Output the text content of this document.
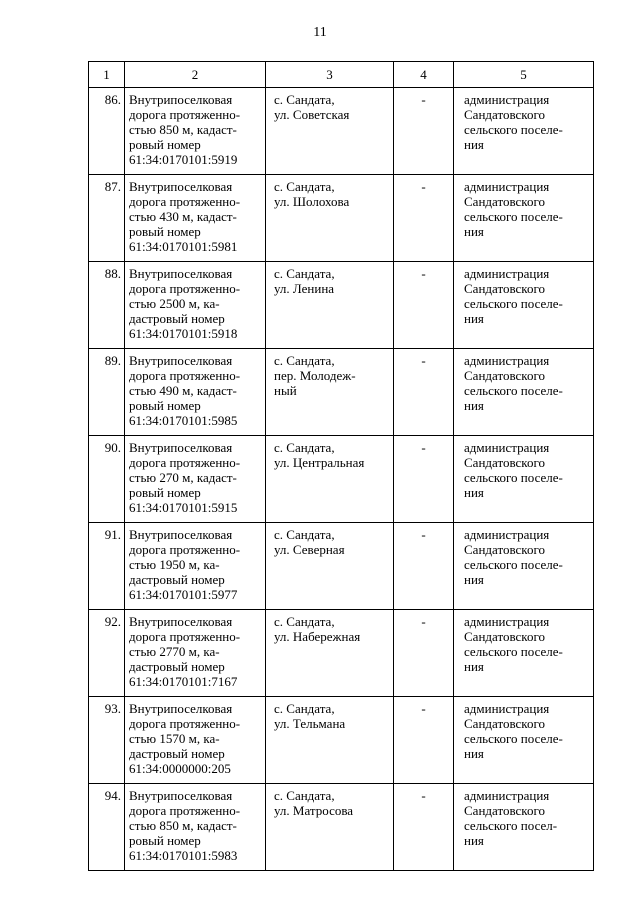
11
1	2	3	4	5
86.	Внутрипоселковая
дорога протяженно-
стью 850 м, кадаст-
ровый номер
61:34:0170101:5919	с. Сандата,
ул. Советская	-	администрация
Сандатовского
сельского поселе-
ния
87.	Внутрипоселковая
дорога протяженно-
стью 430 м, кадаст-
ровый номер
61:34:0170101:5981	с. Сандата,
ул. Шолохова	-	администрация
Сандатовского
сельского поселе-
ния
88.	Внутрипоселковая
дорога протяженно-
стью 2500 м, ка-
дастровый номер
61:34:0170101:5918	с. Сандата,
ул. Ленина	-	администрация
Сандатовского
сельского поселе-
ния
89.	Внутрипоселковая
дорога протяженно-
стью 490 м, кадаст-
ровый номер
61:34:0170101:5985	с. Сандата,
пер. Молодеж-
ный	-	администрация
Сандатовского
сельского поселе-
ния
90.	Внутрипоселковая
дорога протяженно-
стью 270 м, кадаст-
ровый номер
61:34:0170101:5915	с. Сандата,
ул. Центральная	-	администрация
Сандатовского
сельского поселе-
ния
91.	Внутрипоселковая
дорога протяженно-
стью 1950 м, ка-
дастровый номер
61:34:0170101:5977	с. Сандата,
ул. Северная	-	администрация
Сандатовского
сельского поселе-
ния
92.	Внутрипоселковая
дорога протяженно-
стью 2770 м, ка-
дастровый номер
61:34:0170101:7167	с. Сандата,
ул. Набережная	-	администрация
Сандатовского
сельского поселе-
ния
93.	Внутрипоселковая
дорога протяженно-
стью 1570 м, ка-
дастровый номер
61:34:0000000:205	с. Сандата,
ул. Тельмана	-	администрация
Сандатовского
сельского поселе-
ния
94.	Внутрипоселковая
дорога протяженно-
стью 850 м, кадаст-
ровый номер
61:34:0170101:5983	с. Сандата,
ул. Матросова	-	администрация
Сандатовского
сельского посел-
ния
